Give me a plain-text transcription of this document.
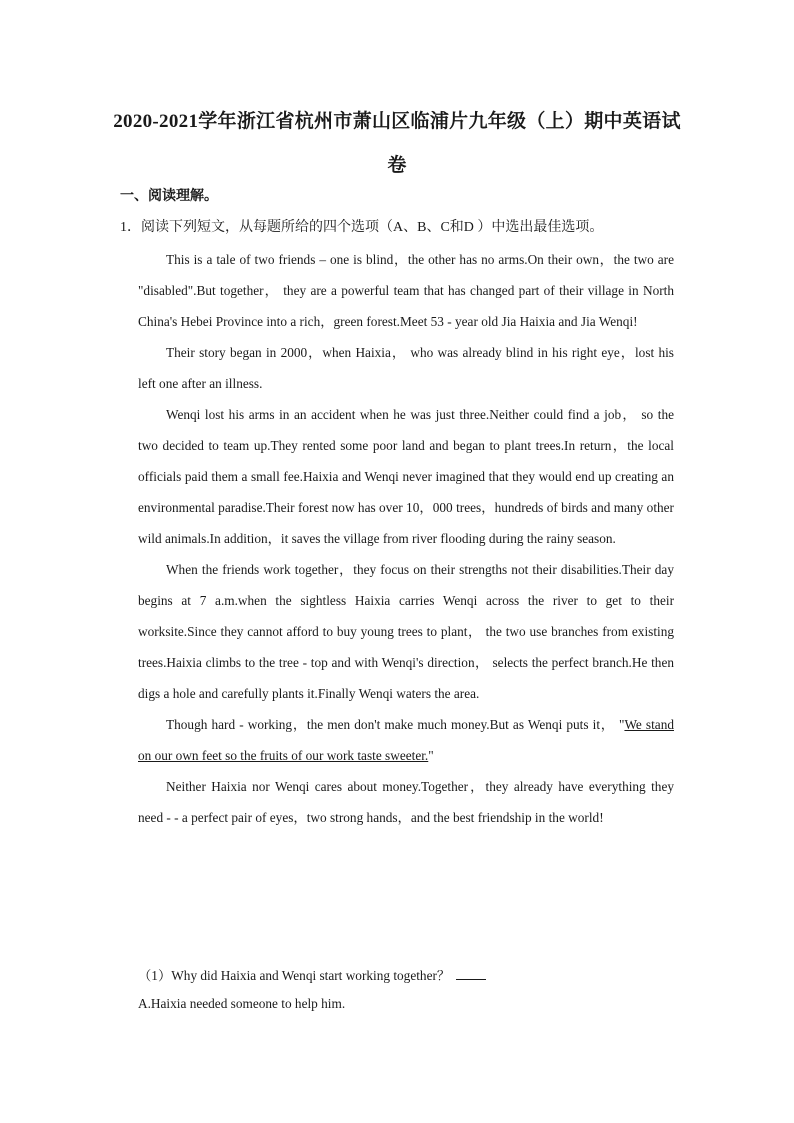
2020-2021学年浙江省杭州市萧山区临浦片九年级（上）期中英语试卷
一、阅读理解。
1．阅读下列短文，从每题所给的四个选项（A、B、C和D ）中选出最佳选项。

This is a tale of two friends – one is blind，the other has no arms.On their own，the two are "disabled".But together， they are a powerful team that has changed part of their village in North China's Hebei Province into a rich，green forest.Meet 53 - year old Jia Haixia and Jia Wenqi!

Their story began in 2000，when Haixia， who was already blind in his right eye，lost his left one after an illness.

Wenqi lost his arms in an accident when he was just three.Neither could find a job， so the two decided to team up.They rented some poor land and began to plant trees.In return，the local officials paid them a small fee.Haixia and Wenqi never imagined that they would end up creating an environmental paradise.Their forest now has over 10，000 trees，hundreds of birds and many other wild animals.In addition，it saves the village from river flooding during the rainy season.

When the friends work together，they focus on their strengths not their disabilities.Their day begins at 7 a.m.when the sightless Haixia carries Wenqi across the river to get to their worksite.Since they cannot afford to buy young trees to plant， the two use branches from existing trees.Haixia climbs to the tree - top and with Wenqi's direction， selects the perfect branch.He then digs a hole and carefully plants it.Finally Wenqi waters the area.

Though hard - working，the men don't make much money.But as Wenqi puts it， "We stand on our own feet so the fruits of our work taste sweeter."

Neither Haixia nor Wenqi cares about money.Together，they already have everything they need - - a perfect pair of eyes，two strong hands，and the best friendship in the world!

（1）Why did Haixia and Wenqi start working together？
A.Haixia needed someone to help him.
